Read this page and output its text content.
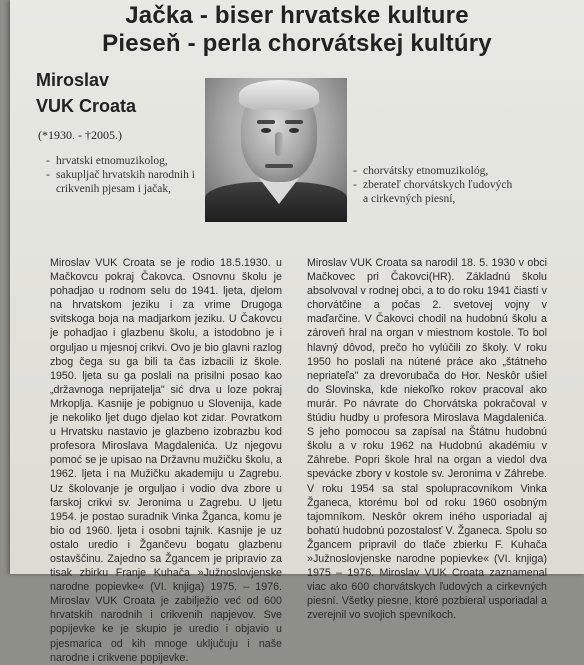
Jačka - biser hrvatske kulture
Pieseň - perla chorvátskej kultúry
Miroslav
VUK Croata
(*1930. - †2005.)
- hrvatski etnomuzikolog,
- sakupljač hrvatskih narodnih i
crikvenih pjesam i jačak,
- chorvátsky etnomuzikológ,
- zberateľ chorvátskych ľudových
a cirkevných piesní,

Miroslav VUK Croata se je rodio 18.5.1930. u Mačkovcu pokraj Čakovca. Osnovnu školu je pohadjao u rodnom selu do 1941. ljeta, djelom na hrvatskom jeziku i za vrime Drugoga svitskoga boja na madjarkom jeziku. U Čakovcu je pohadjao i glazbenu školu, a istodobno je i orguljao u mjesnoj crikvi. Ovo je bio glavni razlog zbog čega su ga bili ta čas izbacili iz škole. 1950. ljeta su ga poslali na prisilni posao kao „državnoga neprijatelja" sić drva u loze pokraj Mrkoplja. Kasnije je pobignuo u Slovenija, kade je nekoliko ljet dugo djelao kot zidar. Povratkom u Hrvatsku nastavio je glazbeno izobrazbu kod profesora Miroslava Magdalenića. Uz njegovu pomoć se je upisao na Državnu mužičku školu, a 1962. ljeta i na Mužičku akademiju u Zagrebu. Uz školovanje je orguljao i vodio dva zbore u farskoj crikvi sv. Jeronima u Zagrebu. U ljetu 1954. je postao suradnik Vinka Žganca, komu je bio od 1960. ljeta i osobni tajnik. Kasnije je uz ostalo uredio i Žgančevu bogatu glazbenu ostavščinu. Zajedno sa Žgancem je pripravio za tisak zbirku Franje Kuhača »Južnoslovjenske narodne popievke« (VI. knjiga) 1975. – 1976. Miroslav VUK Croata je zabilježio već od 600 hrvatskih narodnih i crikvenih napjevov. Sve popijevke ke je skupio je uredio i objavio u pjesmarica od kih mnoge uključuju i naše narodne i crikvene popijevke.

Miroslav VUK Croata sa narodil 18. 5. 1930 v obci Mačkovec pri Čakovci(HR). Základnú školu absolvoval v rodnej obci, a to do roku 1941 čiastí v chorvátčine a počas 2. svetovej vojny v maďarčine. V Čakovci chodil na hudobnú školu a zároveň hral na organ v miestnom kostole. To bol hlavný dôvod, prečo ho vylúčili zo školy. V roku 1950 ho poslali na nútené práce ako „štátneho nepriateľa" za drevorubača do Hor. Neskôr ušiel do Slovinska, kde niekoľko rokov pracoval ako murár. Po návrate do Chorvátska pokračoval v štúdiu hudby u profesora Miroslava Magdalenića. S jeho pomocou sa zapísal na Štátnu hudobnú školu a v roku 1962 na Hudobnú akadémiu v Záhrebe. Popri škole hral na organ a viedol dva spevácke zbory v kostole sv. Jeronima v Záhrebe. V roku 1954 sa stal spolupracovníkom Vinka Žganeca, ktorému bol od roku 1960 osobným tajomníkom. Neskôr okrem iného usporiadal aj bohatú hudobnú pozostalosť V. Žganeca. Spolu so Žgancem pripravil do tlače zbierku F. Kuhača »Južnoslovjenske narodne popievke« (VI. knjiga) 1975 – 1976. Miroslav VUK Croata zaznamenal viac ako 600 chorvátskych ľudových a cirkevných piesní. Všetky piesne, ktoré pozbieral usporiadal a zverejnil vo svojich spevníkoch.
